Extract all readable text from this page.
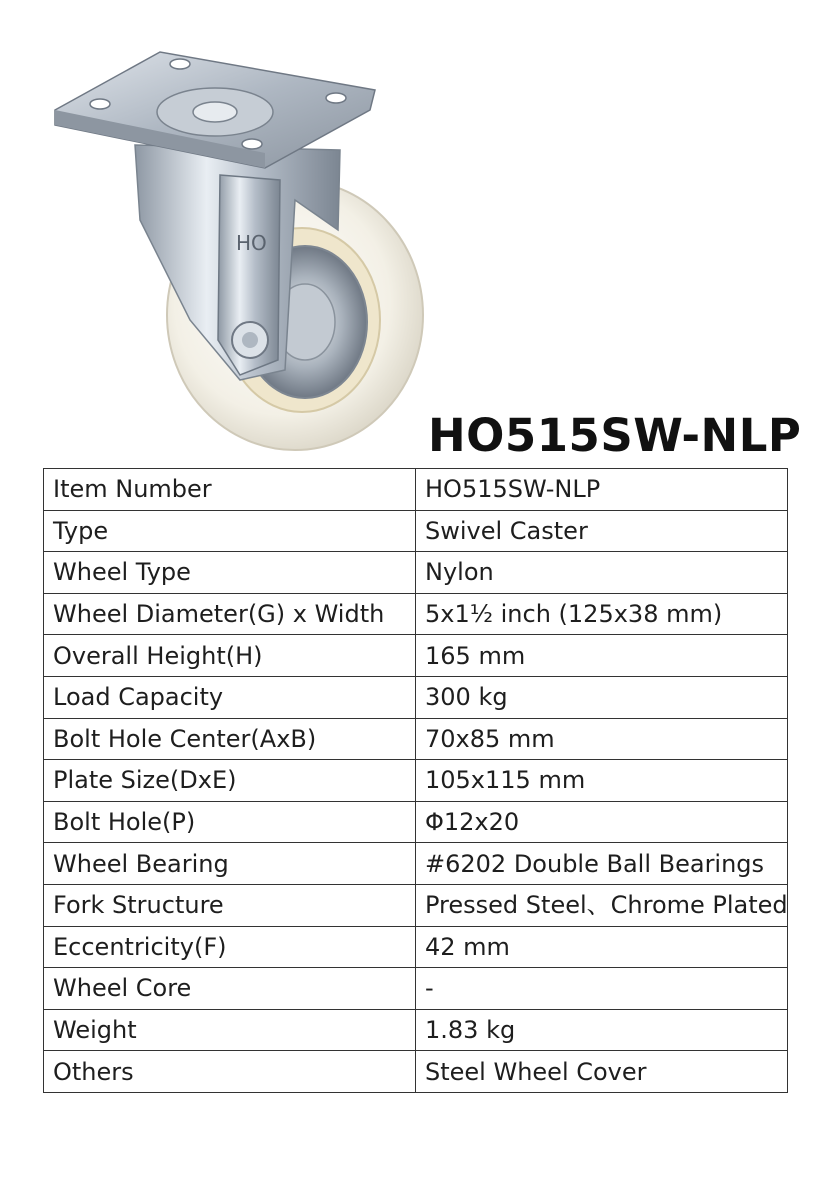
HO
HO515SW-NLP
Item Number	HO515SW-NLP
Type	Swivel Caster
Wheel Type	Nylon
Wheel Diameter(G) x Width	5x1½ inch (125x38 mm)
Overall Height(H)	165 mm
Load Capacity	300 kg
Bolt Hole Center(AxB)	70x85 mm
Plate Size(DxE)	105x115 mm
Bolt Hole(P)	Φ12x20
Wheel Bearing	#6202 Double Ball Bearings
Fork Structure	Pressed Steel、Chrome Plated
Eccentricity(F)	42 mm
Wheel Core	-
Weight	1.83 kg
Others	Steel Wheel Cover
